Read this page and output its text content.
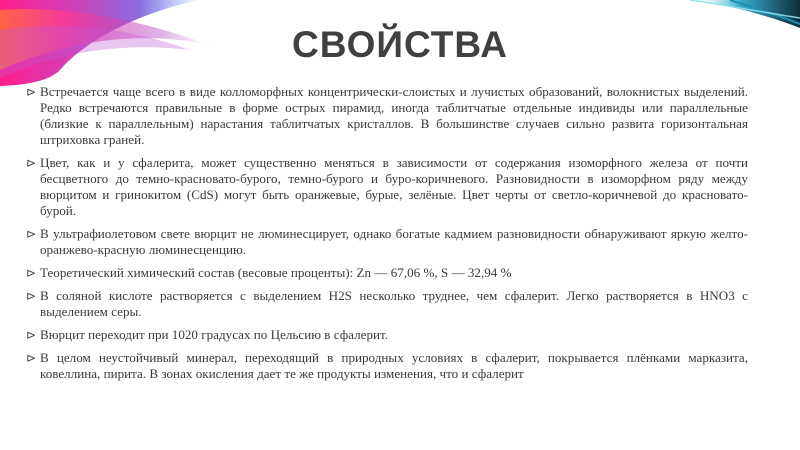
СВОЙСТВА
⊳ Встречается чаще всего в виде колломорфных концентрически-слоистых и лучистых образований, волокнистых выделений. Редко встречаются правильные в форме острых пирамид, иногда таблитчатые отдельные индивиды или параллельные (близкие к параллельным) нарастания таблитчатых кристаллов. В большинстве случаев сильно развита горизонтальная штриховка граней.
⊳ Цвет, как и у сфалерита, может существенно меняться в зависимости от содержания изоморфного железа от почти бесцветного до темно-красновато-бурого, темно-бурого и буро-коричневого. Разновидности в изоморфном ряду между вюрцитом и гринокитом (CdS) могут быть оранжевые, бурые, зелёные. Цвет черты от светло-коричневой до красновато-бурой.
⊳ В ультрафиолетовом свете вюрцит не люминесцирует, однако богатые кадмием разновидности обнаруживают яркую желто-оранжево-красную люминесценцию.
⊳ Теоретический химический состав (весовые проценты): Zn — 67,06 %, S — 32,94 %
⊳ В соляной кислоте растворяется с выделением H2S несколько труднее, чем сфалерит. Легко растворяется в HNO3 с выделением серы.
⊳ Вюрцит переходит при 1020 градусах по Цельсию в сфалерит.
⊳ В целом неустойчивый минерал, переходящий в природных условиях в сфалерит, покрывается плёнками марказита, ковеллина, пирита. В зонах окисления дает те же продукты изменения, что и сфалерит
